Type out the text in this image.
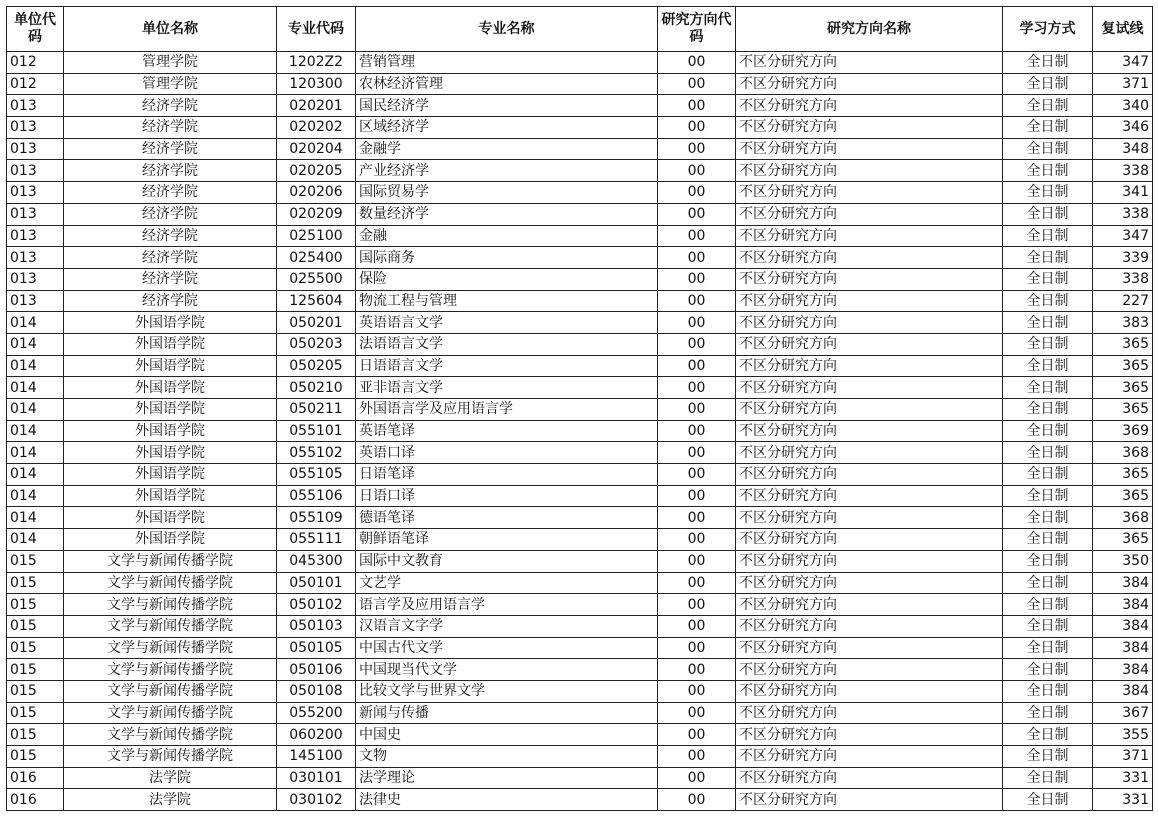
单位代码	单位名称	专业代码	专业名称	研究方向代码	研究方向名称	学习方式	复试线
012	管理学院	1202Z2	营销管理	00	不区分研究方向	全日制	347
012	管理学院	120300	农林经济管理	00	不区分研究方向	全日制	371
013	经济学院	020201	国民经济学	00	不区分研究方向	全日制	340
013	经济学院	020202	区域经济学	00	不区分研究方向	全日制	346
013	经济学院	020204	金融学	00	不区分研究方向	全日制	348
013	经济学院	020205	产业经济学	00	不区分研究方向	全日制	338
013	经济学院	020206	国际贸易学	00	不区分研究方向	全日制	341
013	经济学院	020209	数量经济学	00	不区分研究方向	全日制	338
013	经济学院	025100	金融	00	不区分研究方向	全日制	347
013	经济学院	025400	国际商务	00	不区分研究方向	全日制	339
013	经济学院	025500	保险	00	不区分研究方向	全日制	338
013	经济学院	125604	物流工程与管理	00	不区分研究方向	全日制	227
014	外国语学院	050201	英语语言文学	00	不区分研究方向	全日制	383
014	外国语学院	050203	法语语言文学	00	不区分研究方向	全日制	365
014	外国语学院	050205	日语语言文学	00	不区分研究方向	全日制	365
014	外国语学院	050210	亚非语言文学	00	不区分研究方向	全日制	365
014	外国语学院	050211	外国语言学及应用语言学	00	不区分研究方向	全日制	365
014	外国语学院	055101	英语笔译	00	不区分研究方向	全日制	369
014	外国语学院	055102	英语口译	00	不区分研究方向	全日制	368
014	外国语学院	055105	日语笔译	00	不区分研究方向	全日制	365
014	外国语学院	055106	日语口译	00	不区分研究方向	全日制	365
014	外国语学院	055109	德语笔译	00	不区分研究方向	全日制	368
014	外国语学院	055111	朝鲜语笔译	00	不区分研究方向	全日制	365
015	文学与新闻传播学院	045300	国际中文教育	00	不区分研究方向	全日制	350
015	文学与新闻传播学院	050101	文艺学	00	不区分研究方向	全日制	384
015	文学与新闻传播学院	050102	语言学及应用语言学	00	不区分研究方向	全日制	384
015	文学与新闻传播学院	050103	汉语言文字学	00	不区分研究方向	全日制	384
015	文学与新闻传播学院	050105	中国古代文学	00	不区分研究方向	全日制	384
015	文学与新闻传播学院	050106	中国现当代文学	00	不区分研究方向	全日制	384
015	文学与新闻传播学院	050108	比较文学与世界文学	00	不区分研究方向	全日制	384
015	文学与新闻传播学院	055200	新闻与传播	00	不区分研究方向	全日制	367
015	文学与新闻传播学院	060200	中国史	00	不区分研究方向	全日制	355
015	文学与新闻传播学院	145100	文物	00	不区分研究方向	全日制	371
016	法学院	030101	法学理论	00	不区分研究方向	全日制	331
016	法学院	030102	法律史	00	不区分研究方向	全日制	331
